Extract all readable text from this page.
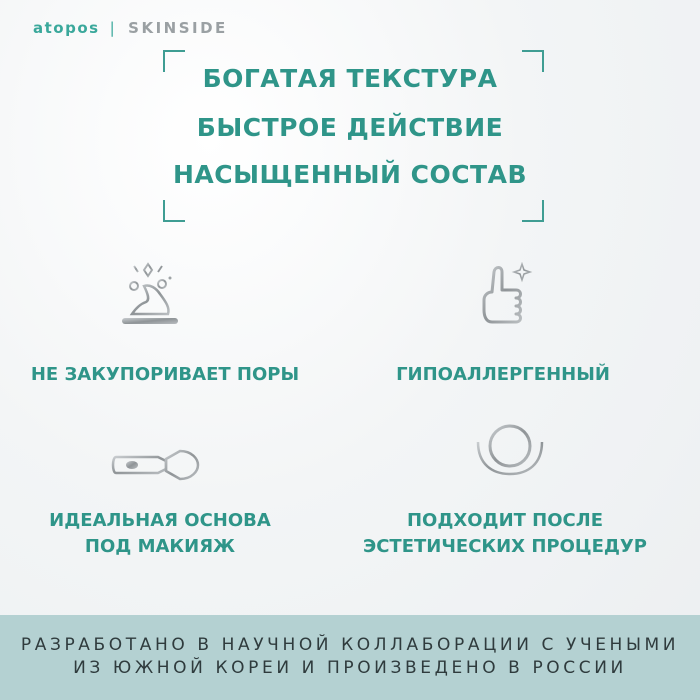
atopos | SKINSIDE
БОГАТАЯ ТЕКСТУРА
БЫСТРОЕ ДЕЙСТВИЕ
НАСЫЩЕННЫЙ СОСТАВ
НЕ ЗАКУПОРИВАЕТ ПОРЫ	ГИПОАЛЛЕРГЕННЫЙ
ИДЕАЛЬНАЯ ОСНОВА
ПОД МАКИЯЖ
ПОДХОДИТ ПОСЛЕ
ЭСТЕТИЧЕСКИХ ПРОЦЕДУР
РАЗРАБОТАНО В НАУЧНОЙ КОЛЛАБОРАЦИИ С УЧЕНЫМИ
ИЗ ЮЖНОЙ КОРЕИ И ПРОИЗВЕДЕНО В РОССИИ
